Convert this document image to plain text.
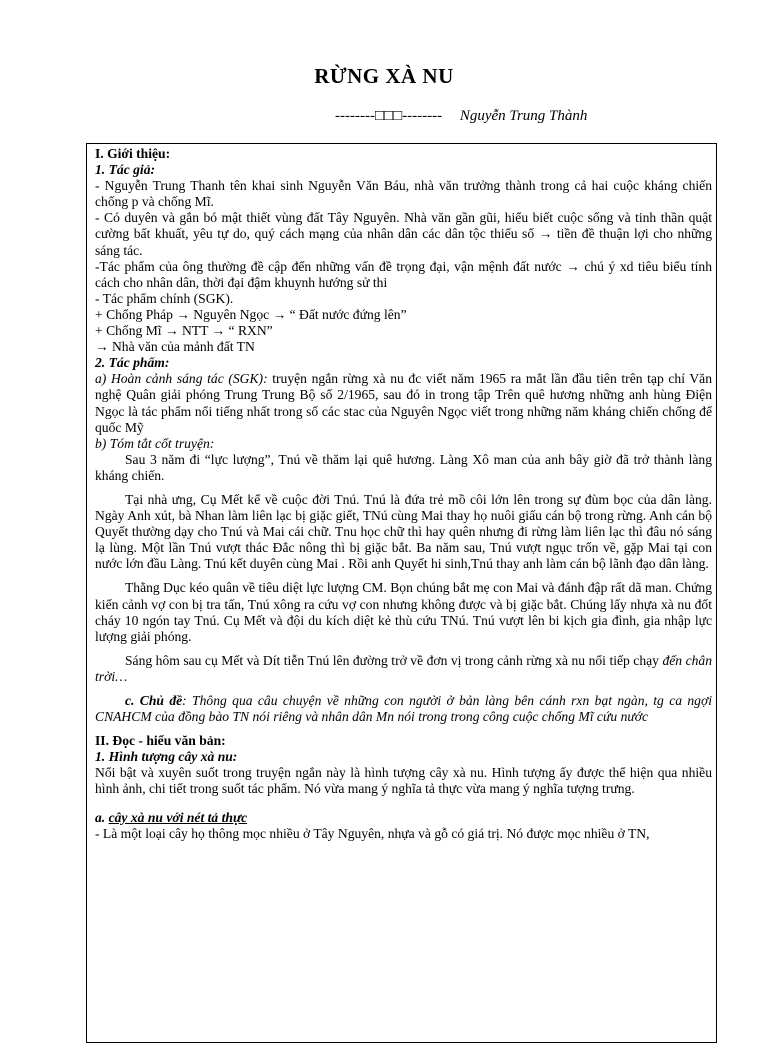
RỪNG XÀ NU
--------□□□-------- Nguyễn Trung Thành

I. Giới thiệu:

1. Tác giả:

- Nguyễn Trung Thanh tên khai sinh Nguyễn Văn Báu, nhà văn trưởng thành trong cả hai cuộc kháng chiến chống p và chống Mĩ.

- Có duyên và gắn bó mật thiết vùng đất Tây Nguyên. Nhà văn gần gũi, hiểu biết cuộc sống và tinh thần quật cường bất khuất, yêu tự do, quý cách mạng của nhân dân các dân tộc thiểu số → tiền đề thuận lợi cho những sáng tác.

-Tác phẩm của ông thường đề cập đến những vấn đề trọng đại, vận mệnh đất nước → chú ý xd tiêu biểu tính cách cho nhân dân, thời đại đậm khuynh hướng sử thi

- Tác phẩm chính (SGK).

+ Chống Pháp → Nguyên Ngọc → “ Đất nước đứng lên”

+ Chống Mĩ → NTT → “ RXN”

→ Nhà văn của mảnh đất TN

2. Tác phẩm:

a) Hoàn cảnh sáng tác (SGK): truyện ngắn rừng xà nu đc viết năm 1965 ra mắt lần đầu tiên trên tạp chí Văn nghệ Quân giải phóng Trung Trung Bộ số 2/1965, sau đó in trong tập Trên quê hương những anh hùng Điện Ngọc là tác phẩm nổi tiếng nhất trong số các stac của Nguyên Ngọc viết trong những năm kháng chiến chống đế quốc Mỹ

b) Tóm tắt cốt truyện:

Sau 3 năm đi “lực lượng”, Tnú về thăm lại quê hương. Làng Xô man của anh bây giờ đã trở thành làng kháng chiến.

Tại nhà ưng, Cụ Mết kể về cuộc đời Tnú. Tnú là đứa trẻ mồ côi lớn lên trong sự đùm bọc của dân làng. Ngày Anh xút, bà Nhan làm liên lạc bị giặc giết, TNú cùng Mai thay họ nuôi giấu cán bộ trong rừng. Anh cán bộ Quyết thường dạy cho Tnú và Mai cái chữ. Tnu học chữ thì hay quên nhưng đi rừng làm liên lạc thì đâu nó sáng lạ lùng. Một lần Tnú vượt thác Đắc nông thì bị giặc bắt. Ba năm sau, Tnú vượt ngục trốn về, gặp Mai tại con nước lớn đầu Làng. Tnú kết duyên cùng Mai . Rồi anh Quyết hi sinh,Tnú thay anh làm cán bộ lãnh đạo dân làng.

Thằng Dục kéo quân về tiêu diệt lực lượng CM. Bọn chúng bắt mẹ con Mai và đánh đập rất dã man. Chứng kiến cảnh vợ con bị tra tấn, Tnú xông ra cứu vợ con nhưng không được và bị giặc bắt. Chúng lấy nhựa xà nu đốt cháy 10 ngón tay Tnú. Cụ Mết và đội du kích diệt kẻ thù cứu TNú. Tnú vượt lên bi kịch gia đình, gia nhập lực lượng giải phóng.

Sáng hôm sau cụ Mết và Dít tiễn Tnú lên đường trở về đơn vị trong cảnh rừng xà nu nối tiếp chạy đến chân trời…

c. Chủ đề: Thông qua câu chuyện về những con người ở bản làng bên cánh rxn bạt ngàn, tg ca ngợi CNAHCM của đồng bào TN nói riêng và nhân dân Mn nói trong trong công cuộc chống Mĩ cứu nước

II. Đọc - hiểu văn bản:

1. Hình tượng cây xà nu:

Nổi bật và xuyên suốt trong truyện ngắn này là hình tượng cây xà nu. Hình tượng ấy được thể hiện qua nhiều hình ảnh, chi tiết trong suốt tác phẩm. Nó vừa mang ý nghĩa tả thực vừa mang ý nghĩa tượng trưng.

a. cây xà nu với nét tả thực

- Là một loại cây họ thông mọc nhiều ở Tây Nguyên, nhựa và gỗ có giá trị. Nó được mọc nhiều ở TN,
